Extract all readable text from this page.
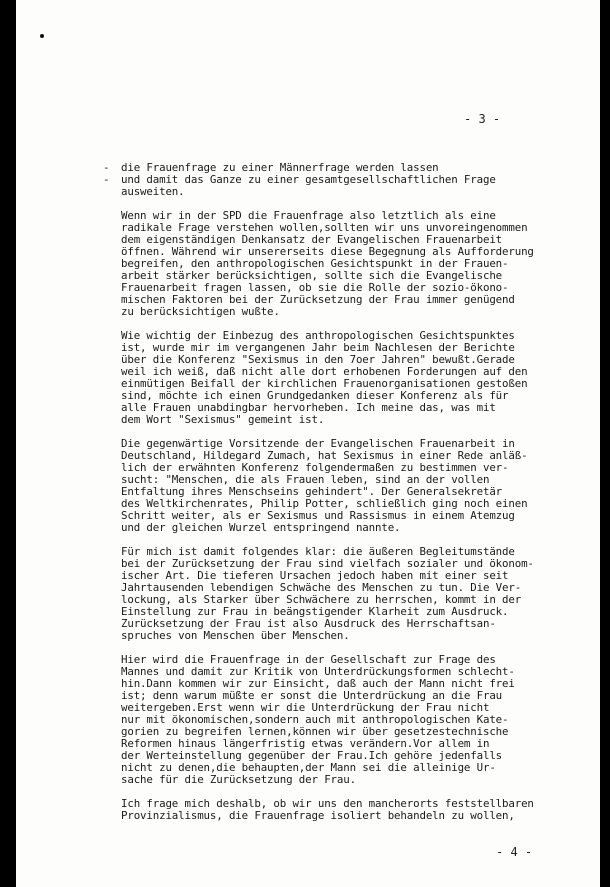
- 3 -
-  die Frauenfrage zu einer Männerfrage werden lassen
-  und damit das Ganze zu einer gesamtgesellschaftlichen Frage
ausweiten.
Wenn wir in der SPD die Frauenfrage also letztlich als eine
radikale Frage verstehen wollen,sollten wir uns unvoreingenommen
dem eigenständigen Denkansatz der Evangelischen Frauenarbeit
öffnen. Während wir unsererseits diese Begegnung als Aufforderung
begreifen, den anthropologischen Gesichtspunkt in der Frauen-
arbeit stärker berücksichtigen, sollte sich die Evangelische
Frauenarbeit fragen lassen, ob sie die Rolle der sozio-ökono-
mischen Faktoren bei der Zurücksetzung der Frau immer genügend
zu berücksichtigen wußte.
Wie wichtig der Einbezug des anthropologischen Gesichtspunktes
ist, wurde mir im vergangenen Jahr beim Nachlesen der Berichte
über die Konferenz "Sexismus in den 7oer Jahren" bewußt.Gerade
weil ich weiß, daß nicht alle dort erhobenen Forderungen auf den
einmütigen Beifall der kirchlichen Frauenorganisationen gestoßen
sind, möchte ich einen Grundgedanken dieser Konferenz als für
alle Frauen unabdingbar hervorheben. Ich meine das, was mit
dem Wort "Sexismus" gemeint ist.
Die gegenwärtige Vorsitzende der Evangelischen Frauenarbeit in
Deutschland, Hildegard Zumach, hat Sexismus in einer Rede anläß-
lich der erwähnten Konferenz folgendermaßen zu bestimmen ver-
sucht: "Menschen, die als Frauen leben, sind an der vollen
Entfaltung ihres Menschseins gehindert". Der Generalsekretär
des Weltkirchenrates, Philip Potter, schließlich ging noch einen
Schritt weiter, als er Sexismus und Rassismus in einem Atemzug
und der gleichen Wurzel entspringend nannte.
Für mich ist damit folgendes klar: die äußeren Begleitumstände
bei der Zurücksetzung der Frau sind vielfach sozialer und ökonom-
ischer Art. Die tieferen Ursachen jedoch haben mit einer seit
Jahrtausenden lebendigen Schwäche des Menschen zu tun. Die Ver-
lockung, als Starker über Schwächere zu herrschen, kommt in der
Einstellung zur Frau in beängstigender Klarheit zum Ausdruck.
Zurücksetzung der Frau ist also Ausdruck des Herrschaftsan-
spruches von Menschen über Menschen.
Hier wird die Frauenfrage in der Gesellschaft zur Frage des
Mannes und damit zur Kritik von Unterdrückungsformen schlecht-
hin.Dann kommen wir zur Einsicht, daß auch der Mann nicht frei
ist; denn warum müßte er sonst die Unterdrückung an die Frau
weitergeben.Erst wenn wir die Unterdrückung der Frau nicht
nur mit ökonomischen,sondern auch mit anthropologischen Kate-
gorien zu begreifen lernen,können wir über gesetzestechnische
Reformen hinaus längerfristig etwas verändern.Vor allem in
der Werteinstellung gegenüber der Frau.Ich gehöre jedenfalls
nicht zu denen,die behaupten,der Mann sei die alleinige Ur-
sache für die Zurücksetzung der Frau.
Ich frage mich deshalb, ob wir uns den mancherorts feststellbaren
Provinzialismus, die Frauenfrage isoliert behandeln zu wollen,
- 4 -
